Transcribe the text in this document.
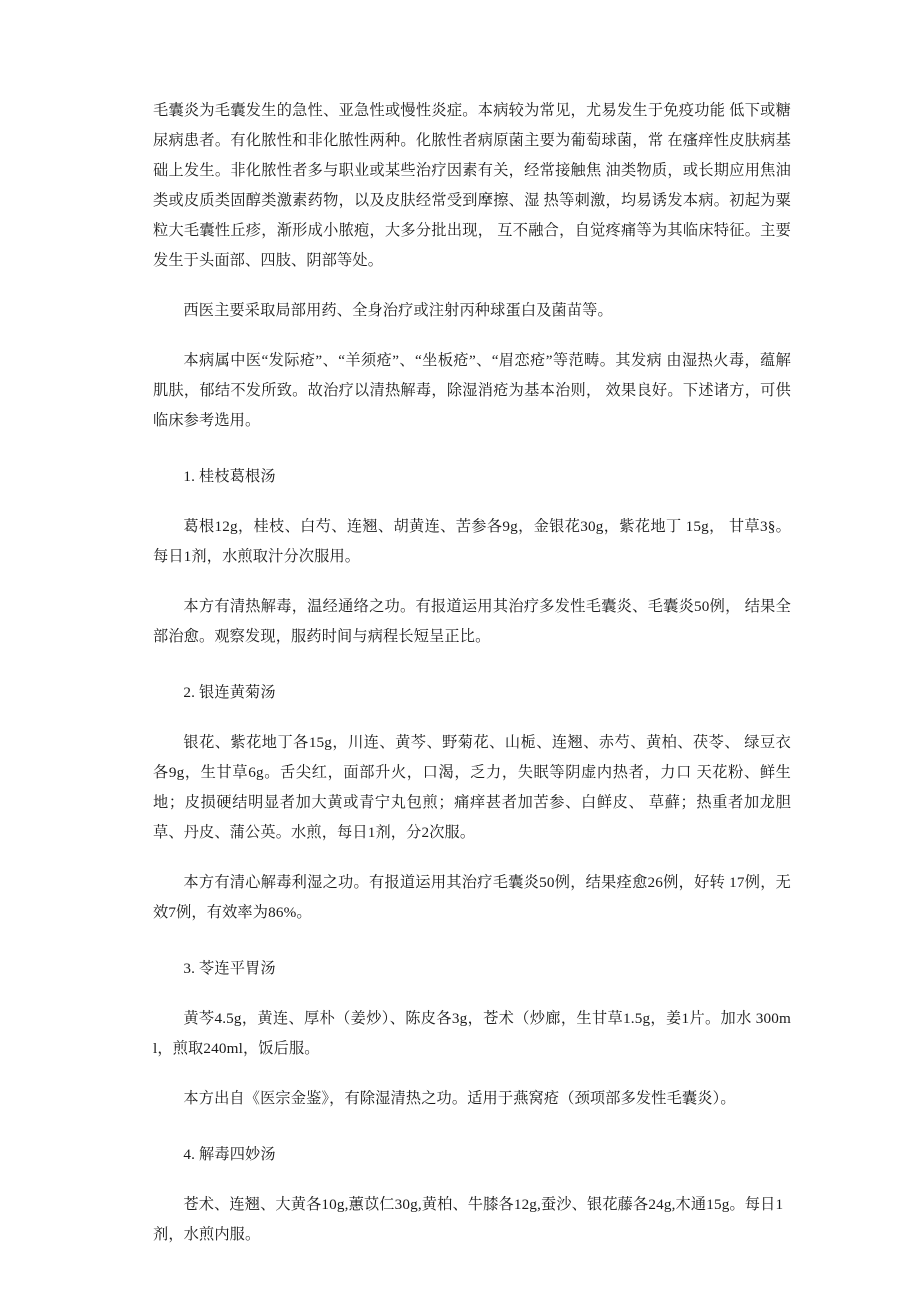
毛囊炎为毛囊发生的急性、亚急性或慢性炎症。本病较为常见，尤易发生于免疫功能 低下或糖尿病患者。有化脓性和非化脓性两种。化脓性者病原菌主要为葡萄球菌，常 在瘙痒性皮肤病基础上发生。非化脓性者多与职业或某些治疗因素有关，经常接触焦 油类物质，或长期应用焦油类或皮质类固醇类激素药物，以及皮肤经常受到摩擦、湿 热等刺激，均易诱发本病。初起为粟粒大毛囊性丘疹，渐形成小脓疱，大多分批出现， 互不融合，自觉疼痛等为其临床特征。主要发生于头面部、四肢、阴部等处。

西医主要采取局部用药、全身治疗或注射丙种球蛋白及菌苗等。

本病属中医“发际疮”、“羊须疮”、“坐板疮”、“眉恋疮”等范畴。其发病 由湿热火毒，蕴解肌肤，郁结不发所致。故治疗以清热解毒，除湿消疮为基本治则， 效果良好。下述诸方，可供临床参考选用。

1. 桂枝葛根汤

葛根12g，桂枝、白芍、连翘、胡黄连、苦参各9g，金银花30g，紫花地丁 15g， 甘草3§。每日1剂，水煎取汁分次服用。

本方有清热解毒，温经通络之功。有报道运用其治疗多发性毛囊炎、毛囊炎50例， 结果全部治愈。观察发现，服药时间与病程长短呈正比。

2. 银连黄菊汤

银花、紫花地丁各15g，川连、黄芩、野菊花、山栀、连翘、赤芍、黄柏、茯苓、 绿豆衣各9g，生甘草6g。舌尖红，面部升火，口渴，乏力，失眠等阴虚内热者，力口 天花粉、鲜生地；皮损硬结明显者加大黄或青宁丸包煎；痛痒甚者加苦参、白鲜皮、 草蘚；热重者加龙胆草、丹皮、蒲公英。水煎，每日1剂，分2次服。

本方有清心解毒利湿之功。有报道运用其治疗毛囊炎50例，结果痊愈26例，好转 17例，无效7例，有效率为86%。

3. 苓连平胃汤

黄芩4.5g，黄连、厚朴（姜炒）、陈皮各3g，苍术（炒廊，生甘草1.5g，姜1片。加水 300ml，煎取240ml，饭后服。

本方出自《医宗金鉴》，有除湿清热之功。适用于燕窝疮（颈项部多发性毛囊炎）。

4. 解毒四妙汤

苍术、连翘、大黄各10g,蕙苡仁30g,黄柏、牛膝各12g,蚕沙、银花藤各24g,木通15g。每日1剂，水煎内服。
